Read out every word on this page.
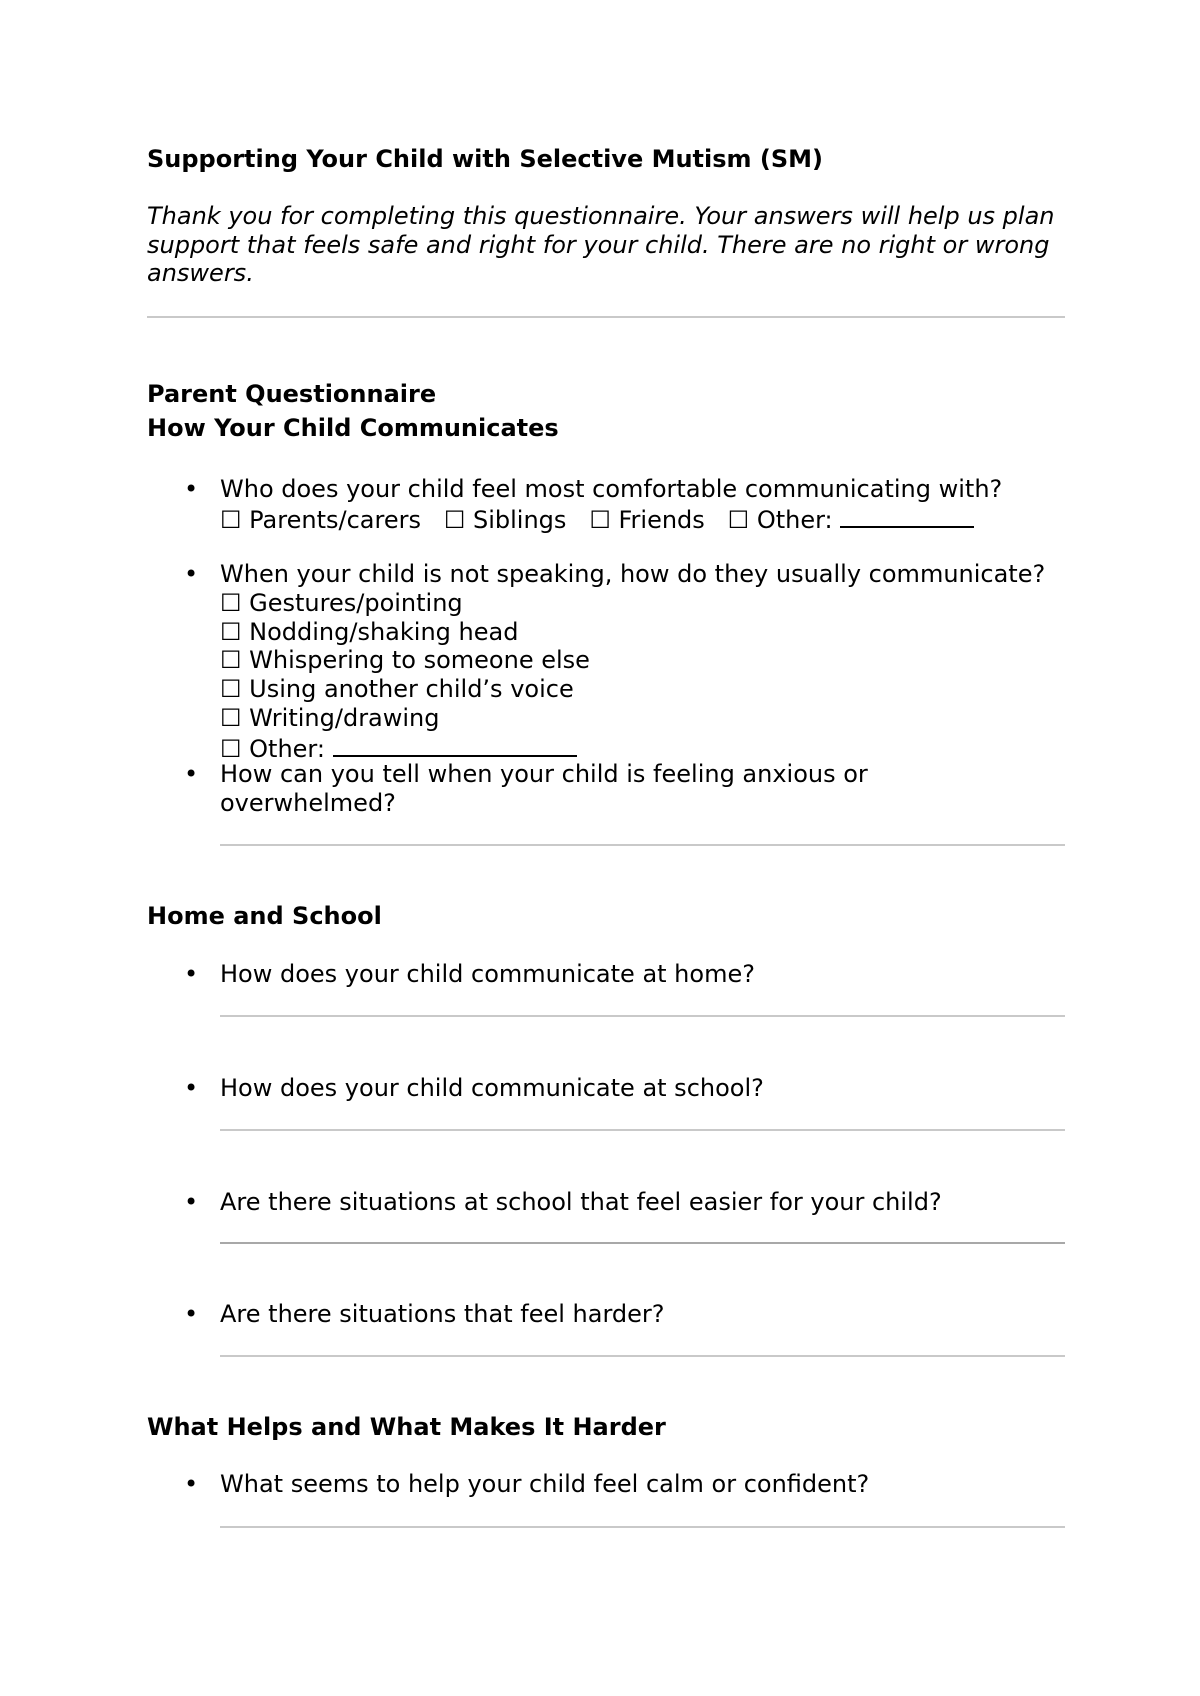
Supporting Your Child with Selective Mutism (SM)
Thank you for completing this questionnaire. Your answers will help us plan support that feels safe and right for your child. There are no right or wrong answers.
Parent Questionnaire
How Your Child Communicates
• Who does your child feel most comfortable communicating with?
☐ Parents/carers ☐ Siblings ☐ Friends ☐ Other:
• When your child is not speaking, how do they usually communicate?
☐ Gestures/pointing
☐ Nodding/shaking head
☐ Whispering to someone else
☐ Using another child’s voice
☐ Writing/drawing
☐ Other:
• How can you tell when your child is feeling anxious or overwhelmed?
Home and School
• How does your child communicate at home?
• How does your child communicate at school?
• Are there situations at school that feel easier for your child?
• Are there situations that feel harder?
What Helps and What Makes It Harder
• What seems to help your child feel calm or confident?
